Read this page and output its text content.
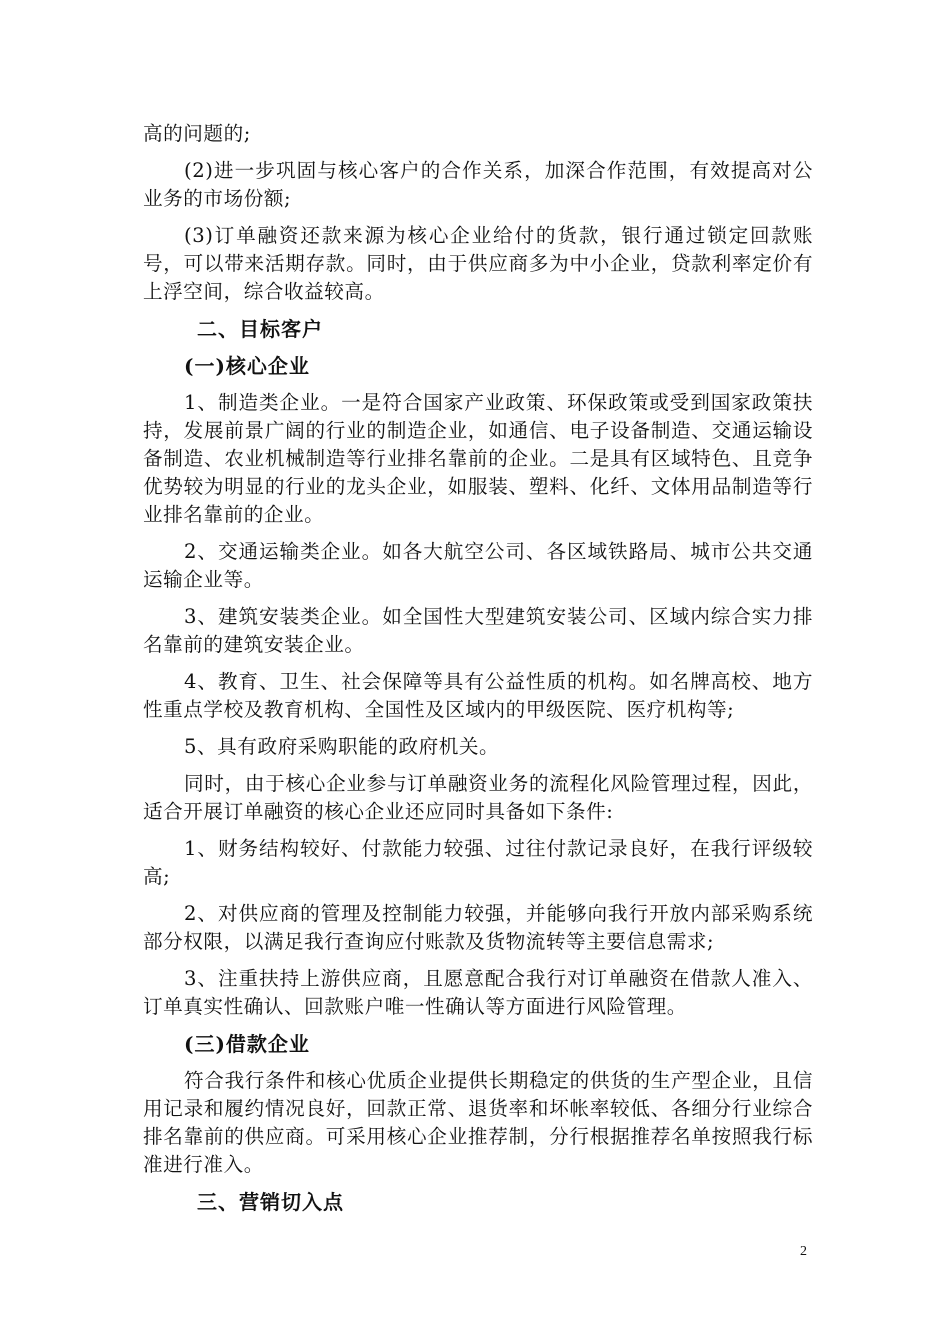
高的问题的;

(2)进一步巩固与核心客户的合作关系，加深合作范围，有效提高对公业务的市场份额;

(3)订单融资还款来源为核心企业给付的货款，银行通过锁定回款账号，可以带来活期存款。同时，由于供应商多为中小企业，贷款利率定价有上浮空间，综合收益较高。

二、目标客户

(一)核心企业

1、制造类企业。一是符合国家产业政策、环保政策或受到国家政策扶持，发展前景广阔的行业的制造企业，如通信、电子设备制造、交通运输设备制造、农业机械制造等行业排名靠前的企业。二是具有区域特色、且竞争优势较为明显的行业的龙头企业，如服装、塑料、化纤、文体用品制造等行业排名靠前的企业。

2、交通运输类企业。如各大航空公司、各区域铁路局、城市公共交通运输企业等。

3、建筑安装类企业。如全国性大型建筑安装公司、区域内综合实力排名靠前的建筑安装企业。

4、教育、卫生、社会保障等具有公益性质的机构。如名牌高校、地方性重点学校及教育机构、全国性及区域内的甲级医院、医疗机构等;

5、具有政府采购职能的政府机关。

同时，由于核心企业参与订单融资业务的流程化风险管理过程，因此，适合开展订单融资的核心企业还应同时具备如下条件:

1、财务结构较好、付款能力较强、过往付款记录良好，在我行评级较高;

2、对供应商的管理及控制能力较强，并能够向我行开放内部采购系统部分权限，以满足我行查询应付账款及货物流转等主要信息需求;

3、注重扶持上游供应商，且愿意配合我行对订单融资在借款人准入、订单真实性确认、回款账户唯一性确认等方面进行风险管理。

(三)借款企业

符合我行条件和核心优质企业提供长期稳定的供货的生产型企业，且信用记录和履约情况良好，回款正常、退货率和坏帐率较低、各细分行业综合排名靠前的供应商。可采用核心企业推荐制，分行根据推荐名单按照我行标准进行准入。

三、营销切入点

2
